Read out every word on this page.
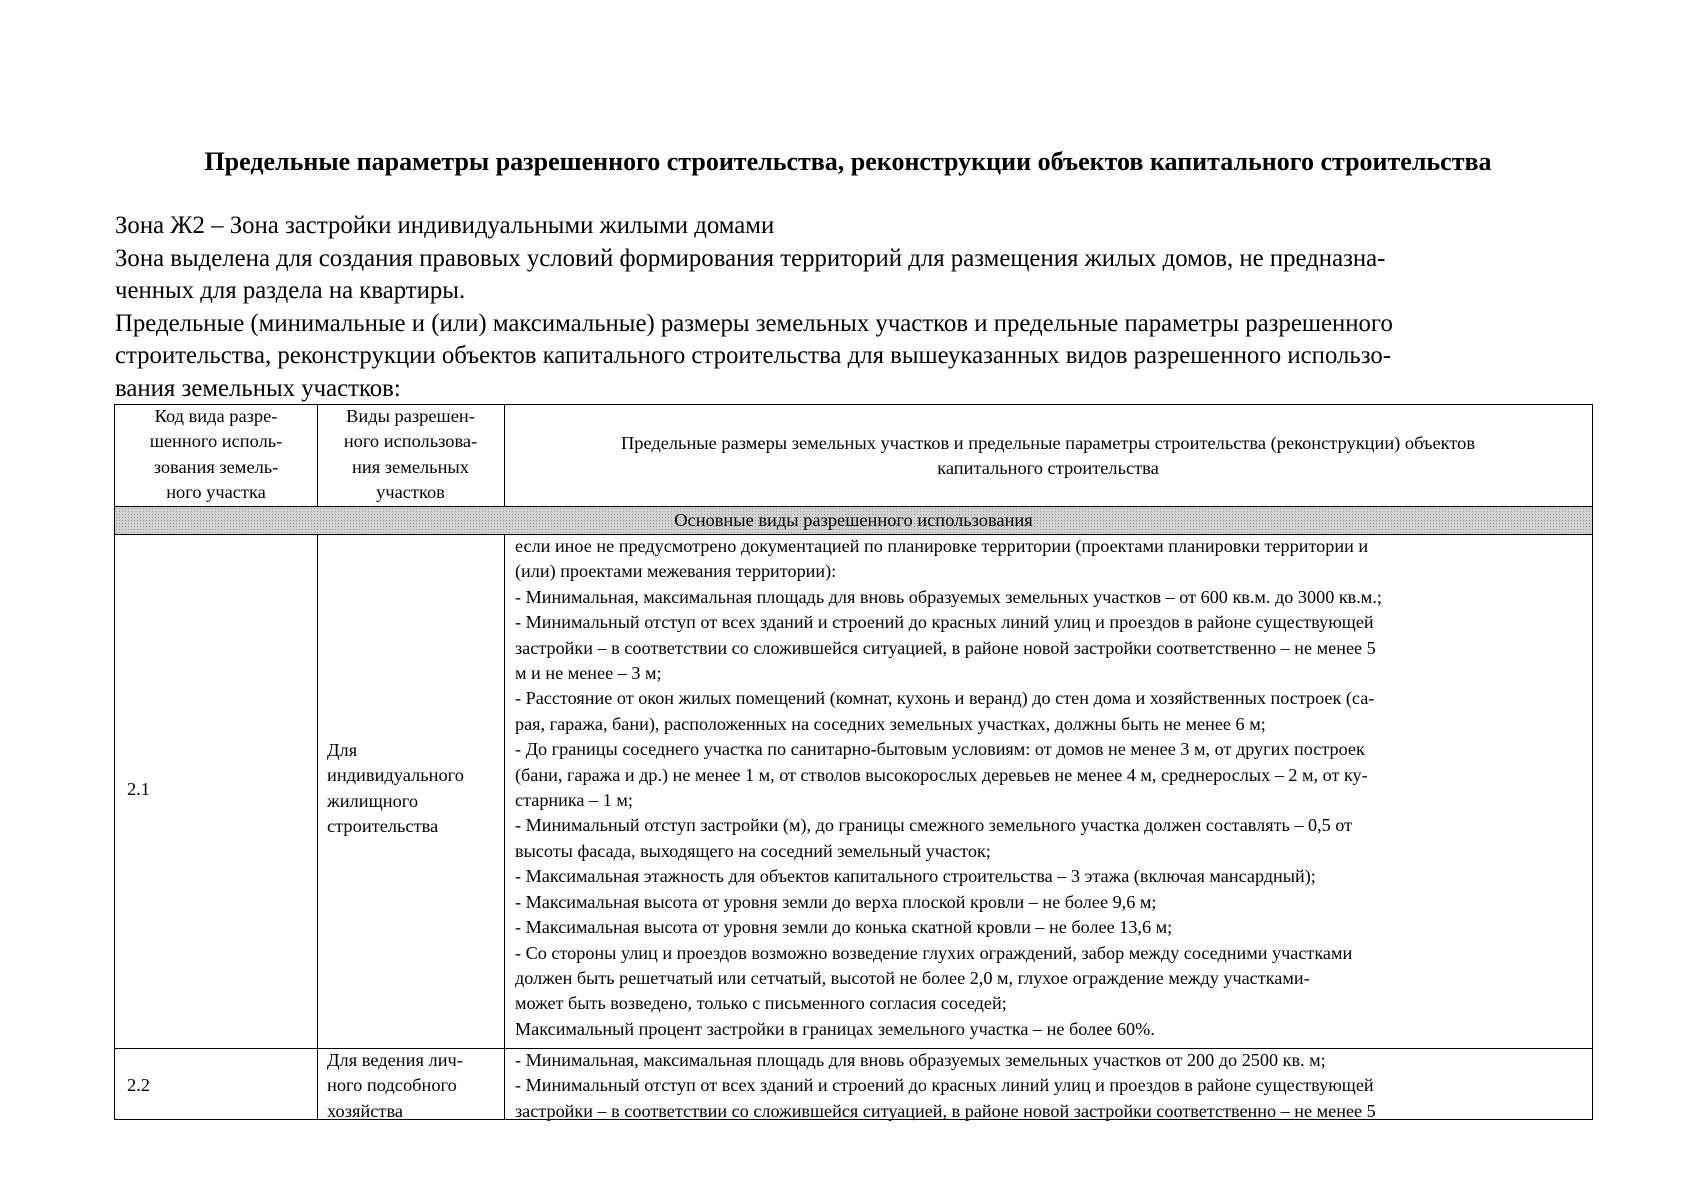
Предельные параметры разрешенного строительства, реконструкции объектов капитального строительства
Зона Ж2 – Зона застройки индивидуальными жилыми домами
Зона выделена для создания правовых условий формирования территорий для размещения жилых домов, не предназна-
ченных для раздела на квартиры.
Предельные (минимальные и (или) максимальные) размеры земельных участков и предельные параметры разрешенного
строительства, реконструкции объектов капитального строительства для вышеуказанных видов разрешенного использо-
вания земельных участков:
Код вида разре-
шенного исполь-
зования земель-
ного участка
Виды разрешен-
ного использова-
ния земельных
участков
Предельные размеры земельных участков и предельные параметры строительства (реконструкции) объектов
капитального строительства
Основные виды разрешенного использования
2.1
Для
индивидуального
жилищного
строительства
если иное не предусмотрено документацией по планировке территории (проектами планировки территории и
(или) проектами межевания территории):
- Минимальная, максимальная площадь для вновь образуемых земельных участков – от 600 кв.м. до 3000 кв.м.;
- Минимальный отступ от всех зданий и строений до красных линий улиц и проездов в районе существующей
застройки – в соответствии со сложившейся ситуацией, в районе новой застройки соответственно – не менее 5
м и не менее – 3 м;
- Расстояние от окон жилых помещений (комнат, кухонь и веранд) до стен дома и хозяйственных построек (са-
рая, гаража, бани), расположенных на соседних земельных участках, должны быть не менее 6 м;
- До границы соседнего участка по санитарно-бытовым условиям: от домов не менее 3 м, от других построек
(бани, гаража и др.) не менее 1 м, от стволов высокорослых деревьев не менее 4 м, среднерослых – 2 м, от ку-
старника – 1 м;
- Минимальный отступ застройки (м), до границы смежного земельного участка должен составлять – 0,5 от
высоты фасада, выходящего на соседний земельный участок;
- Максимальная этажность для объектов капитального строительства – 3 этажа (включая мансардный);
- Максимальная высота от уровня земли до верха плоской кровли – не более 9,6 м;
- Максимальная высота от уровня земли до конька скатной кровли – не более 13,6 м;
- Со стороны улиц и проездов возможно возведение глухих ограждений, забор между соседними участками
должен быть решетчатый или сетчатый, высотой не более 2,0 м, глухое ограждение между участками-
может быть возведено, только с письменного согласия соседей;
Максимальный процент застройки в границах земельного участка – не более 60%.
2.2
Для ведения лич-
ного подсобного
хозяйства
- Минимальная, максимальная площадь для вновь образуемых земельных участков от 200 до 2500 кв. м;
- Минимальный отступ от всех зданий и строений до красных линий улиц и проездов в районе существующей
застройки – в соответствии со сложившейся ситуацией, в районе новой застройки соответственно – не менее 5
